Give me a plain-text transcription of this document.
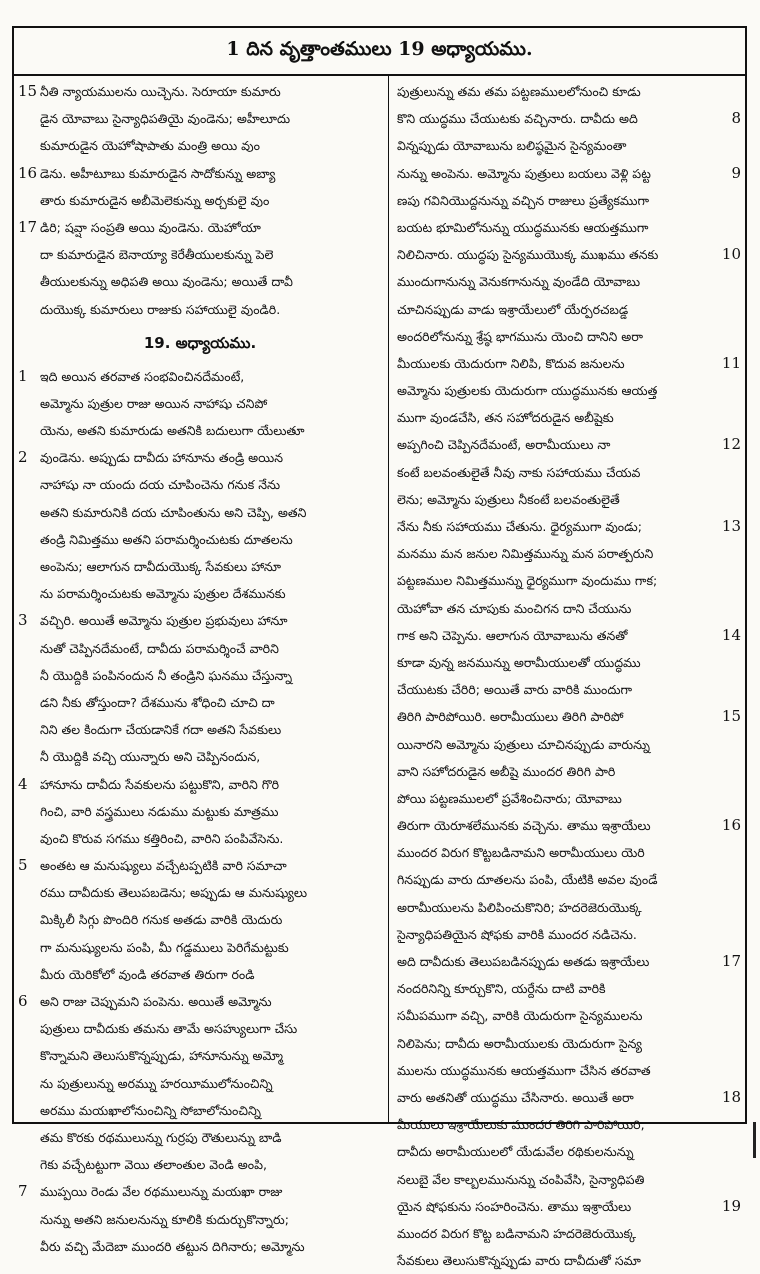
1 దిన వృత్తాంతములు 19 అధ్యాయము.
15 నీతి న్యాయములను యిచ్చెను. సెరూయా కుమారు
డైన యోవాబు సైన్యాధిపతియై వుండెను; అహీలూదు
కుమారుడైన యెహోషాపాతు మంత్రి అయి వుం
16 డెను. అహీటూబు కుమారుడైన సాదోకున్ను అబ్యా
తారు కుమారుడైన అబీమెలెకున్ను అర్చకులై వుం
17 డిరి; షవ్షా సంప్రతి అయి వుండెను. యెహోయా
దా కుమారుడైన బెనాయ్యా కెరేతీయులకున్ను పెలె
తీయులకున్ను అధిపతి అయి వుండెను; అయితే దావీ
దుయొక్క కుమారులు రాజుకు సహాయులై వుండిరి.
19. అధ్యాయము.
1 ఇది అయిన తరవాత సంభవించినదేమంటే,
అమ్మోను పుత్రుల రాజు అయిన నాహాషు చనిపో
యెను, అతని కుమారుడు అతనికి బదులుగా యేలుతూ
2 వుండెను. అప్పుడు దావీదు హానూను తండ్రి అయిన
నాహాషు నా యందు దయ చూపించెను గనుక నేను
అతని కుమారునికి దయ చూపింతును అని చెప్పి, అతని
తండ్రి నిమిత్తము అతని పరామర్శించుటకు దూతలను
అంపెను; ఆలాగున దావీదుయొక్క సేవకులు హానూ
ను పరామర్శించుటకు అమ్మోను పుత్రుల దేశమునకు
3 వచ్చిరి. అయితే అమ్మోను పుత్రుల ప్రభువులు హానూ
నుతో చెప్పినదేమంటే, దావీదు పరామర్శించే వారిని
నీ యొద్దికి పంపినందున నీ తండ్రిని ఘనము చేస్తున్నా
డని నీకు తోస్తుందా? దేశమును శోధించి చూచి దా
నిని తల కిందుగా చేయడానికే గదా అతని సేవకులు
నీ యొద్దికి వచ్చి యున్నారు అని చెప్పినందున,
4 హానూను దావీదు సేవకులను పట్టుకొని, వారిని గొరి
గించి, వారి వస్త్రములు నడుము మట్టుకు మాత్రము
వుంచి కొరువ సగము కత్తిరించి, వారిని పంపివేసెను.
5 అంతట ఆ మనుష్యులు వచ్చేటప్పటికి వారి సమాచా
రము దావీదుకు తెలుపబడెను; అప్పుడు ఆ మనుష్యులు
మిక్కిలీ సిగ్గు పొందిరి గనుక అతడు వారికి యెదురు
గా మనుష్యులను పంపి, మీ గడ్డములు పెరిగేమట్టుకు
మీరు యెరికోలో వుండి తరవాత తిరుగా రండి
6 అని రాజు చెప్పుమని పంపెను. అయితే అమ్మోను
పుత్రులు దావీదుకు తమను తామే అసహ్యులుగా చేసు
కొన్నామని తెలుసుకొన్నప్పుడు, హానూనున్ను అమ్మో
ను పుత్రులున్ను అరమ్ను హరయీములోనుంచిన్ని
అరము మయఖాలోనుంచిన్ని సోబాలోనుంచిన్ని
తమ కొరకు రథములున్ను గుర్రపు రౌతులున్ను బాడి
గెకు వచ్చేటట్టుగా వెయి తలాంతుల వెండి అంపి,
7 ముప్పయి రెండు వేల రథములున్ను మయఖా రాజు
నున్ను అతని జనులనున్ను కూలికి కుదుర్చుకొన్నారు;
వీరు వచ్చి మేదెబా ముందరి తట్టున దిగినారు; అమ్మోను
పుత్రులున్ను తమ తమ పట్టణములలోనుంచి కూడు
కొని యుద్ధము చేయుటకు వచ్చినారు. దావీదు అది	8
విన్నప్పుడు యోవాబును బలిష్ఠమైన సైన్యమంతా
నున్ను అంపెను. అమ్మోను పుత్రులు బయలు వెళ్లి పట్ట	9
ణపు గవినియొద్దనున్ను వచ్చిన రాజులు ప్రత్యేకముగా
బయట భూమిలోనున్ను యుద్ధమునకు ఆయత్తముగా
నిలిచినారు. యుద్ధపు సైన్యముయొక్క ముఖము తనకు	10
ముందుగానున్ను వెనుకగానున్ను వుండేది యోవాబు
చూచినప్పుడు వాడు ఇశ్రాయేలులో యేర్పరచబడ్డ
అందరిలోనున్ను శ్రేష్ఠ భాగమును యెంచి దానిని అరా
మీయులకు యెదురుగా నిలిపి, కొదువ జనులను	11
అమ్మోను పుత్రులకు యెదురుగా యుద్ధమునకు ఆయత్త
ముగా వుండచేసి, తన సహోదరుడైన అబీషైకు
అప్పగించి చెప్పినదేమంటే, అరామీయులు నా	12
కంటే బలవంతులైతే నీవు నాకు సహాయము చేయవ
లెను; అమ్మోను పుత్రులు నీకంటే బలవంతులైతే
నేను నీకు సహాయము చేతును. ధైర్యముగా వుండు;	13
మనము మన జనుల నిమిత్తమున్ను మన పరాత్పరుని
పట్టణముల నిమిత్తమున్ను ధైర్యముగా వుందుము గాక;
యెహోవా తన చూపుకు మంచిగన దాని చేయును
గాక అని చెప్పెను. ఆలాగున యోవాబును తనతో	14
కూడా వున్న జనమున్ను అరామీయులతో యుద్ధము
చేయుటకు చేరిరి; అయితే వారు వారికి ముందుగా
తిరిగి పారిపోయిరి. అరామీయులు తిరిగి పారిపో	15
యినారని అమ్మోను పుత్రులు చూచినప్పుడు వారున్ను
వాని సహోదరుడైన అబీషై ముందర తిరిగి పారి
పోయి పట్టణములలో ప్రవేశించినారు; యోవాబు
తిరుగా యెరూశలేమునకు వచ్చెను. తాము ఇశ్రాయేలు	16
ముందర విరుగ కొట్టబడినామని అరామీయులు యెరి
గినప్పుడు వారు దూతలను పంపి, యేటికి అవల వుండే
అరామీయులను పిలిపించుకొనిరి; హదరెజెరుయొక్క
సైన్యాధిపతియైన షోఫకు వారికి ముందర నడిచెను.
అది దావీదుకు తెలుపబడినప్పుడు అతడు ఇశ్రాయేలు	17
నందరినిన్ని కూర్చుకొని, యర్దేను దాటి వారికి
సమీపముగా వచ్చి, వారికి యెదురుగా సైన్యములను
నిలిపెను; దావీదు అరామీయులకు యెదురుగా సైన్య
ములను యుద్ధమునకు ఆయత్తముగా చేసిన తరవాత
వారు అతనితో యుద్ధము చేసినారు. అయితే అరా	18
మీయులు ఇశ్రాయేలుకు ముందర తిరిగి పారిపోయిరి;
దావీదు అరామీయులలో యేడువేల రథికులనున్ను
నలుబై వేల కాల్బలమునున్ను చంపివేసి, సైన్యాధిపతి
యైన షోఫకును సంహరించెను. తాము ఇశ్రాయేలు	19
ముందర విరుగ కొట్ట బడినామని హదరెజెరుయొక్క
సేవకులు తెలుసుకొన్నప్పుడు వారు దావీదుతో సమా
